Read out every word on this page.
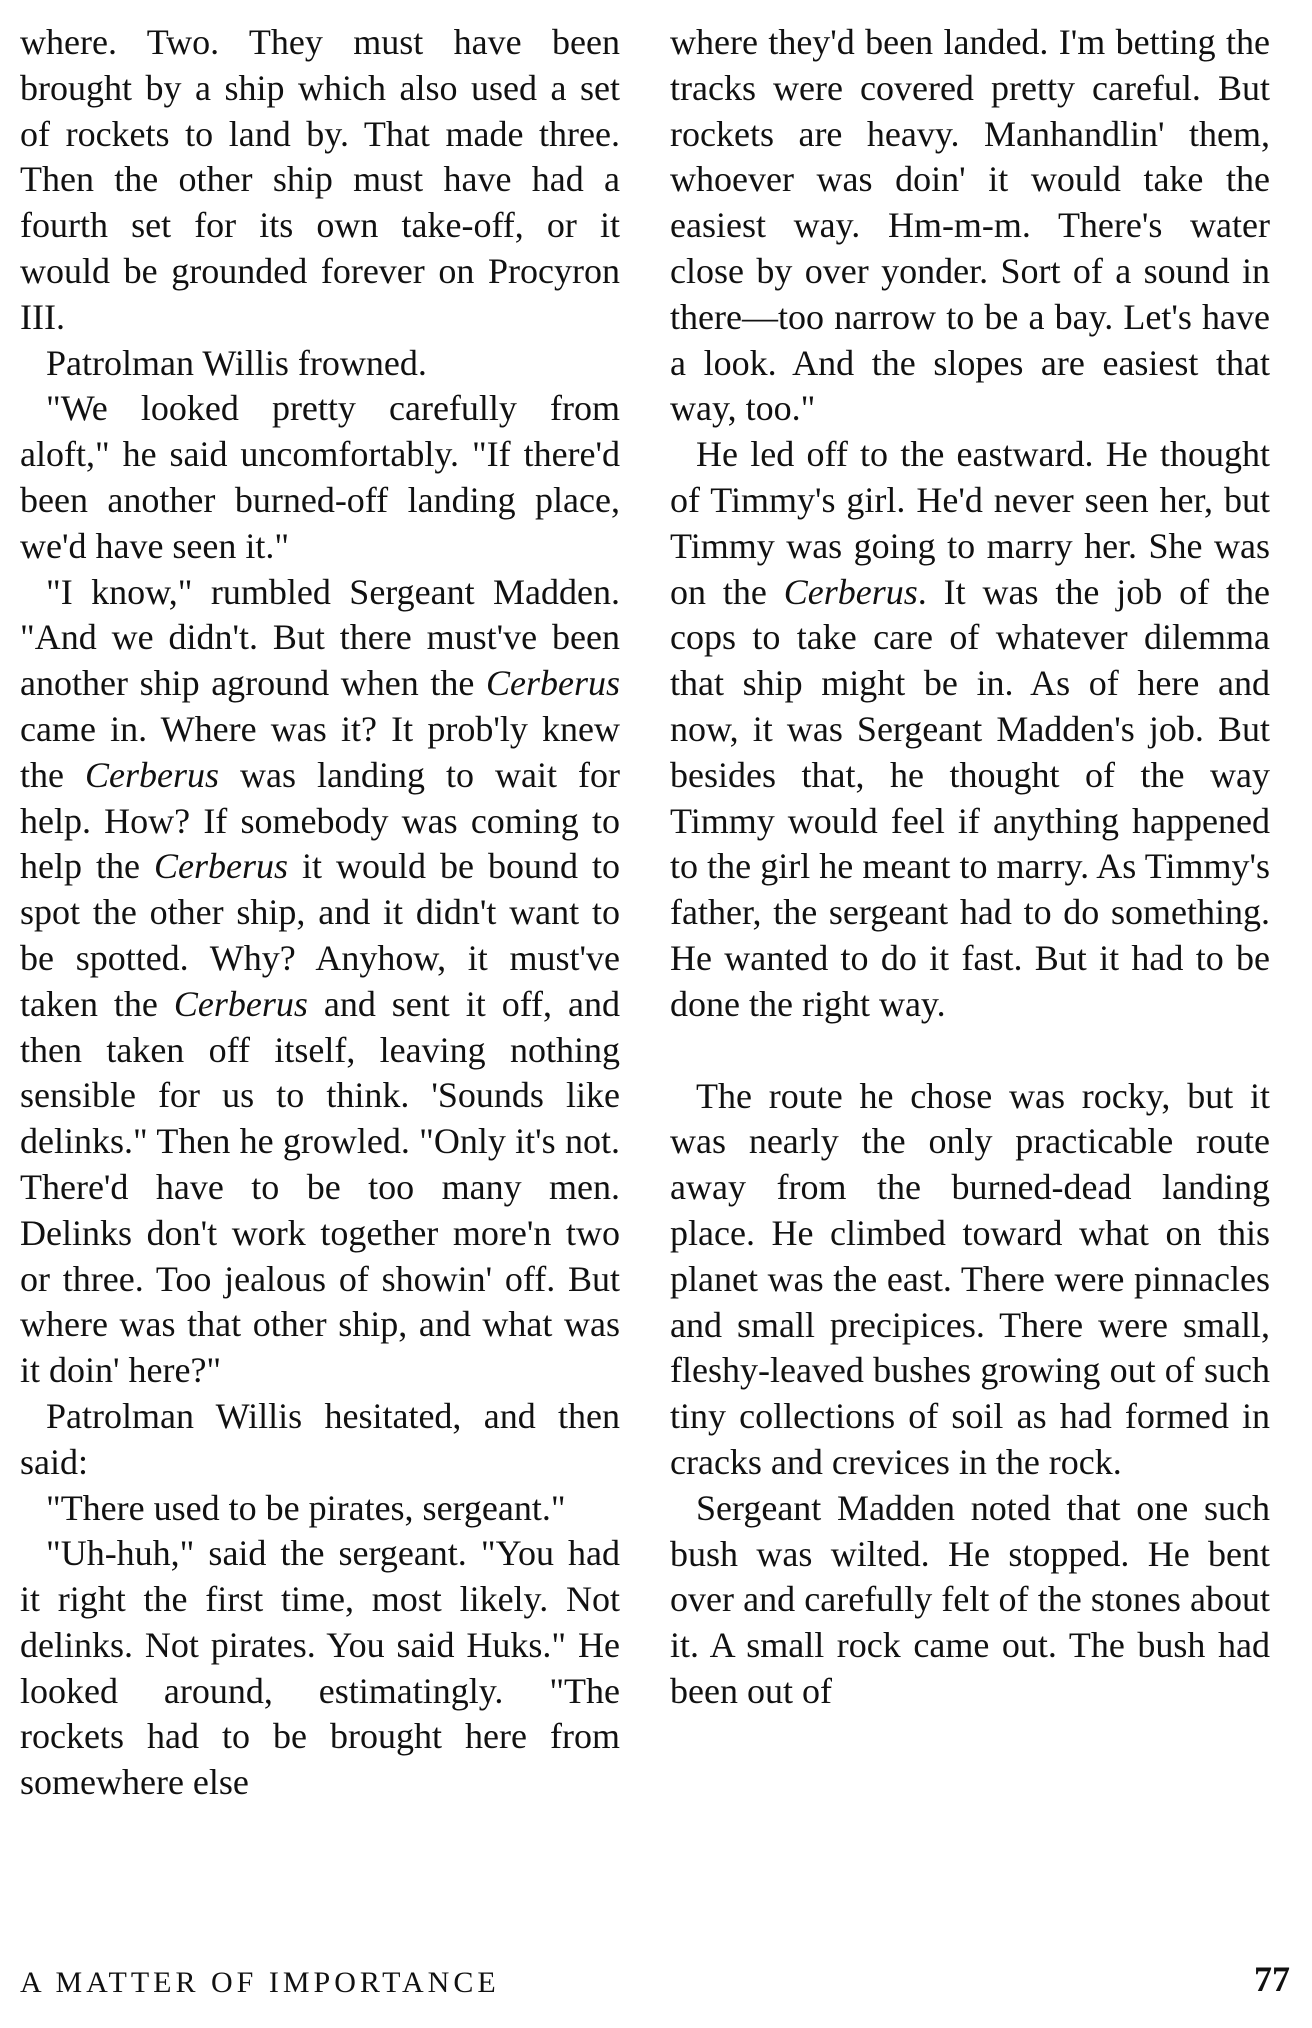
where. Two. They must have been brought by a ship which also used a set of rockets to land by. That made three. Then the other ship must have had a fourth set for its own take-off, or it would be grounded forever on Procyron III.

Patrolman Willis frowned.

"We looked pretty carefully from aloft," he said uncomfortably. "If there'd been another burned-off landing place, we'd have seen it."

"I know," rumbled Sergeant Madden. "And we didn't. But there must've been another ship aground when the Cerberus came in. Where was it? It prob'ly knew the Cerberus was landing to wait for help. How? If somebody was coming to help the Cerberus it would be bound to spot the other ship, and it didn't want to be spotted. Why? Anyhow, it must've taken the Cerberus and sent it off, and then taken off itself, leaving nothing sensible for us to think. 'Sounds like delinks." Then he growled. "Only it's not. There'd have to be too many men. Delinks don't work together more'n two or three. Too jealous of showin' off. But where was that other ship, and what was it doin' here?"

Patrolman Willis hesitated, and then said:

"There used to be pirates, sergeant."

"Uh-huh," said the sergeant. "You had it right the first time, most likely. Not delinks. Not pirates. You said Huks." He looked around, estimatingly. "The rockets had to be brought here from somewhere else

where they'd been landed. I'm betting the tracks were covered pretty careful. But rockets are heavy. Manhandlin' them, whoever was doin' it would take the easiest way. Hm-m-m. There's water close by over yonder. Sort of a sound in there—too narrow to be a bay. Let's have a look. And the slopes are easiest that way, too."

He led off to the eastward. He thought of Timmy's girl. He'd never seen her, but Timmy was going to marry her. She was on the Cerberus. It was the job of the cops to take care of whatever dilemma that ship might be in. As of here and now, it was Sergeant Madden's job. But besides that, he thought of the way Timmy would feel if anything happened to the girl he meant to marry. As Timmy's father, the sergeant had to do something. He wanted to do it fast. But it had to be done the right way.

The route he chose was rocky, but it was nearly the only practicable route away from the burned-dead landing place. He climbed toward what on this planet was the east. There were pinnacles and small precipices. There were small, fleshy-leaved bushes growing out of such tiny collections of soil as had formed in cracks and crevices in the rock.

Sergeant Madden noted that one such bush was wilted. He stopped. He bent over and carefully felt of the stones about it. A small rock came out. The bush had been out of

A MATTER OF IMPORTANCE	77
